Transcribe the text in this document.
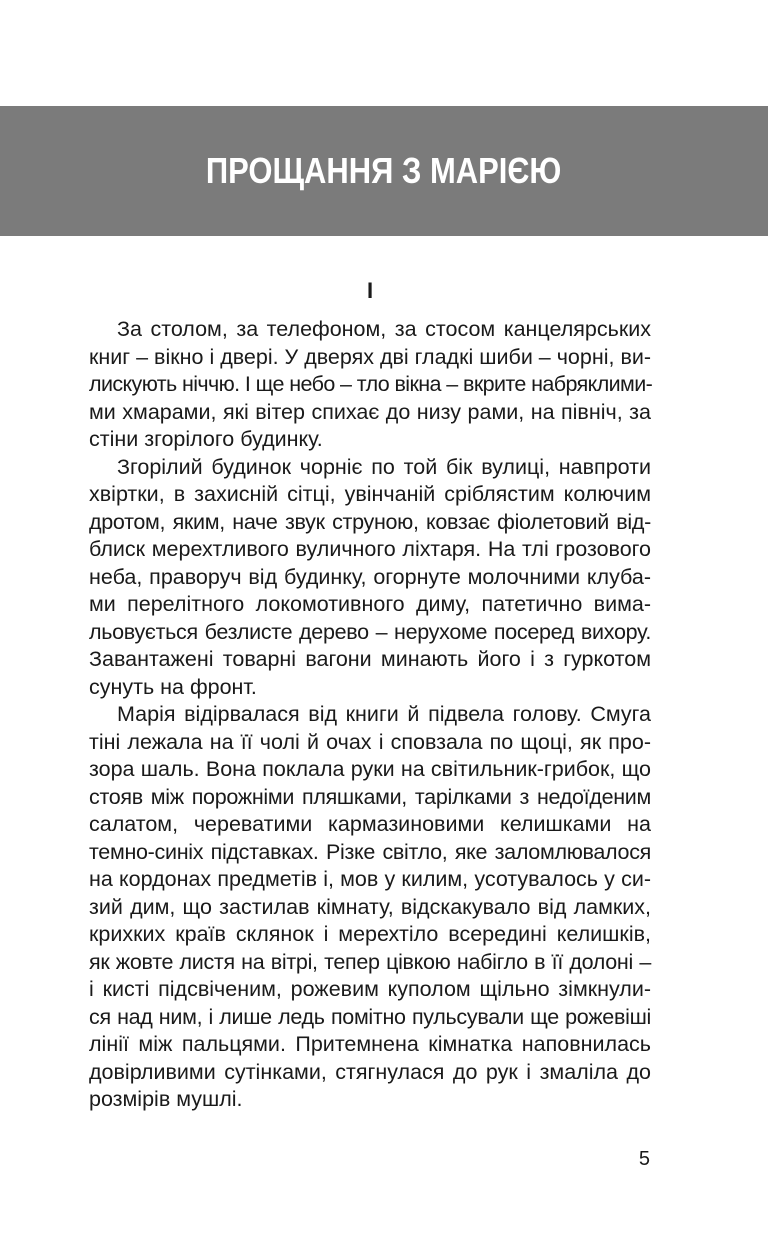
ПРОЩАННЯ З МАРІЄЮ
І
За столом, за телефоном, за стосом канцелярських
книг – вікно і двері. У дверях дві гладкі шиби – чорні, ви-
лискують ніччю. І ще небо – тло вікна – вкрите набряклими-
ми хмарами, які вітер спихає до низу рами, на північ, за
стіни згорілого будинку.
Згорілий будинок чорніє по той бік вулиці, навпроти
хвіртки, в захисній сітці, увінчаній сріблястим колючим
дротом, яким, наче звук струною, ковзає фіолетовий від-
блиск мерехтливого вуличного ліхтаря. На тлі грозового
неба, праворуч від будинку, огорнуте молочними клуба-
ми перелітного локомотивного диму, патетично вима-
льовується безлисте дерево – нерухоме посеред вихору.
Завантажені товарні вагони минають його і з гуркотом
сунуть на фронт.
Марія відірвалася від книги й підвела голову. Смуга
тіні лежала на її чолі й очах і сповзала по щоці, як про-
зора шаль. Вона поклала руки на світильник-грибок, що
стояв між порожніми пляшками, тарілками з недоїденим
салатом, череватими кармазиновими келишками на
темно-синіх підставках. Різке світло, яке заломлювалося
на кордонах предметів і, мов у килим, усотувалось у си-
зий дим, що застилав кімнату, відскакувало від ламких,
крихких країв склянок і мерехтіло всередині келишків,
як жовте листя на вітрі, тепер цівкою набігло в її долоні –
і кисті підсвіченим, рожевим куполом щільно зімкнули-
ся над ним, і лише ледь помітно пульсували ще рожевіші
лінії між пальцями. Притемнена кімнатка наповнилась
довірливими сутінками, стягнулася до рук і змаліла до
розмірів мушлі.
5
